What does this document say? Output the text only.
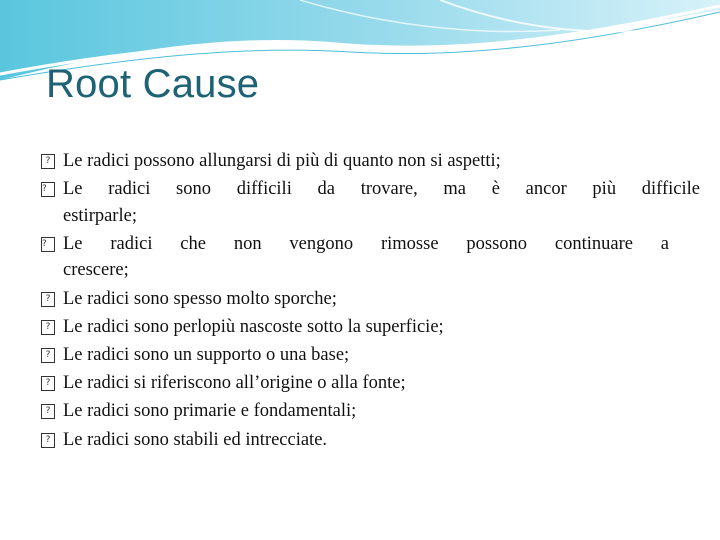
Root Cause
? Le radici possono allungarsi di più di quanto non si aspetti;
? Le radici sono difficili da trovare, ma è ancor più difficile
estirparle;
? Le radici che non vengono rimosse possono continuare a
crescere;
? Le radici sono spesso molto sporche;
? Le radici sono perlopiù nascoste sotto la superficie;
? Le radici sono un supporto o una base;
? Le radici si riferiscono all’origine o alla fonte;
? Le radici sono primarie e fondamentali;
? Le radici sono stabili ed intrecciate.
